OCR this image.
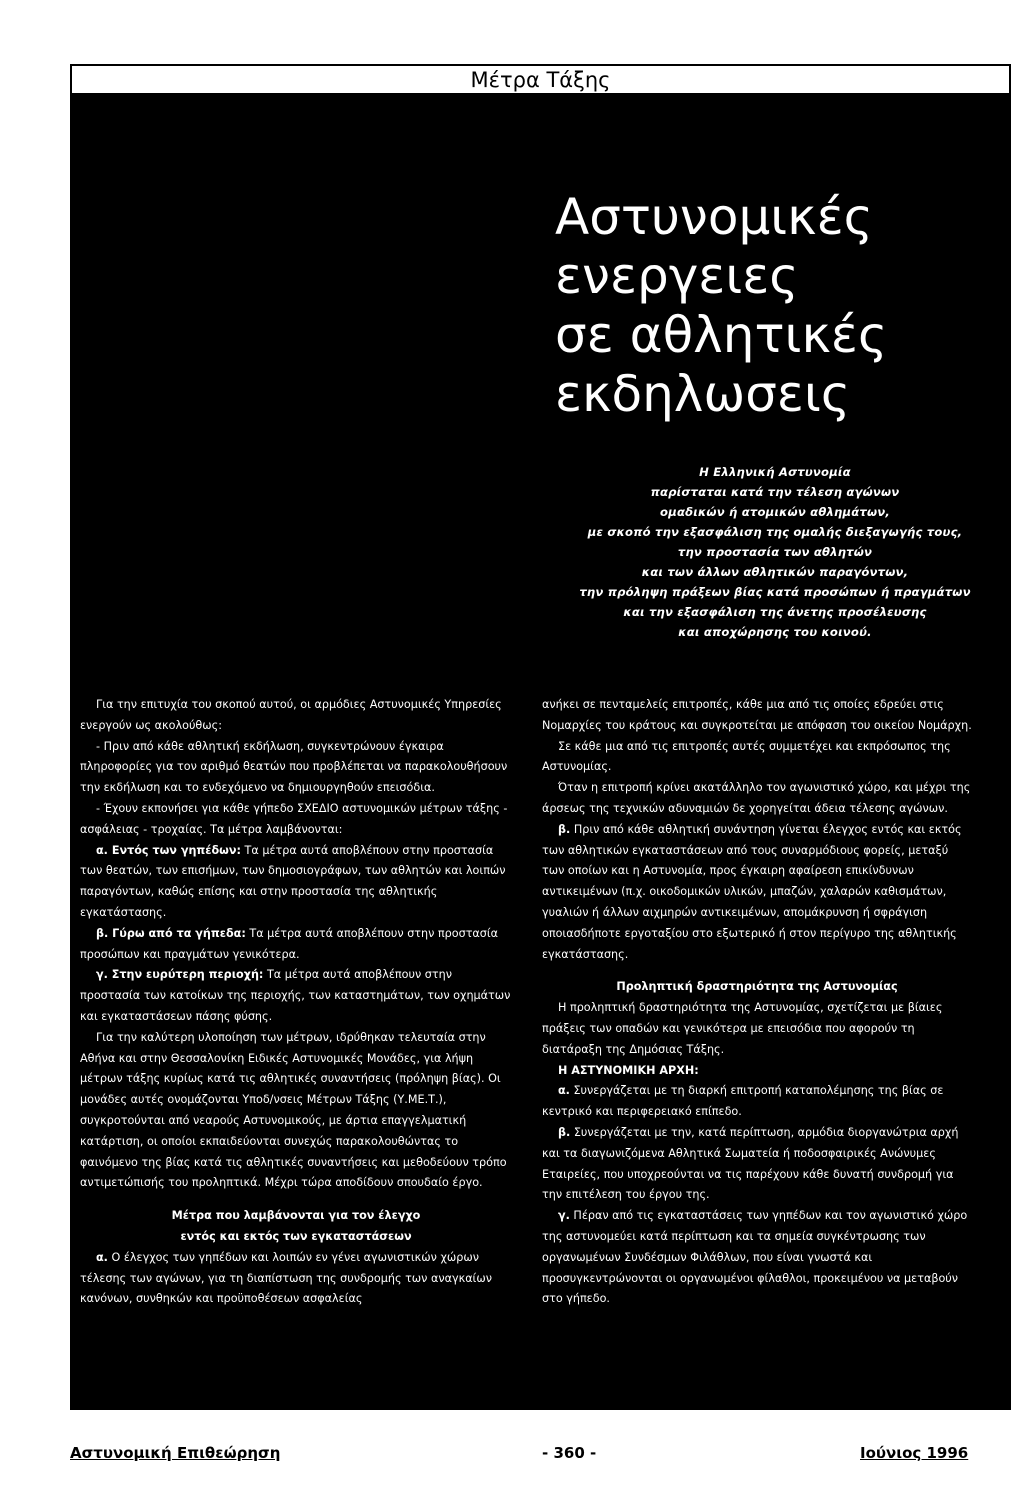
Μέτρα Τάξης
Αστυνομικές
ενεργειες
σε αθλητικές
εκδηλωσεις
Η Ελληνική Αστυνομία
παρίσταται κατά την τέλεση αγώνων
ομαδικών ή ατομικών αθλημάτων,
με σκοπό την εξασφάλιση της ομαλής διεξαγωγής τους,
την προστασία των αθλητών
και των άλλων αθλητικών παραγόντων,
την πρόληψη πράξεων βίας κατά προσώπων ή πραγμάτων
και την εξασφάλιση της άνετης προσέλευσης
και αποχώρησης του κοινού.

Για την επιτυχία του σκοπού αυτού, οι αρμόδιες Αστυνομικές Υπηρεσίες ενεργούν ως ακολούθως:

- Πριν από κάθε αθλητική εκδήλωση, συγκεντρώνουν έγκαιρα πληροφορίες για τον αριθμό θεατών που προβλέπεται να παρακολουθήσουν την εκδήλωση και το ενδεχόμενο να δημιουργηθούν επεισόδια.

- Έχουν εκπονήσει για κάθε γήπεδο ΣΧΕΔΙΟ αστυνομικών μέτρων τάξης - ασφάλειας - τροχαίας. Τα μέτρα λαμβάνονται:

α. Εντός των γηπέδων: Τα μέτρα αυτά αποβλέπουν στην προστασία των θεατών, των επισήμων, των δημοσιογράφων, των αθλητών και λοιπών παραγόντων, καθώς επίσης και στην προστασία της αθλητικής εγκατάστασης.

β. Γύρω από τα γήπεδα: Τα μέτρα αυτά αποβλέπουν στην προστασία προσώπων και πραγμάτων γενικότερα.

γ. Στην ευρύτερη περιοχή: Τα μέτρα αυτά αποβλέπουν στην προστασία των κατοίκων της περιοχής, των καταστημάτων, των οχημάτων και εγκαταστάσεων πάσης φύσης.

Για την καλύτερη υλοποίηση των μέτρων, ιδρύθηκαν τελευταία στην Αθήνα και στην Θεσσαλονίκη Ειδικές Αστυνομικές Μονάδες, για λήψη μέτρων τάξης κυρίως κατά τις αθλητικές συναντήσεις (πρόληψη βίας). Οι μονάδες αυτές ονομάζονται Υποδ/νσεις Μέτρων Τάξης (Υ.ΜΕ.Τ.), συγκροτούνται από νεαρούς Αστυνομικούς, με άρτια επαγγελματική κατάρτιση, οι οποίοι εκπαιδεύονται συνεχώς παρακολουθώντας το φαινόμενο της βίας κατά τις αθλητικές συναντήσεις και μεθοδεύουν τρόπο αντιμετώπισής του προληπτικά. Μέχρι τώρα αποδίδουν σπουδαίο έργο.

Μέτρα που λαμβάνονται για τον έλεγχο
εντός και εκτός των εγκαταστάσεων

α. Ο έλεγχος των γηπέδων και λοιπών εν γένει αγωνιστικών χώρων τέλεσης των αγώνων, για τη διαπίστωση της συνδρομής των αναγκαίων κανόνων, συνθηκών και προϋποθέσεων ασφαλείας

ανήκει σε πενταμελείς επιτροπές, κάθε μια από τις οποίες εδρεύει στις Νομαρχίες του κράτους και συγκροτείται με απόφαση του οικείου Νομάρχη.

Σε κάθε μια από τις επιτροπές αυτές συμμετέχει και εκπρόσωπος της Αστυνομίας.

Όταν η επιτροπή κρίνει ακατάλληλο τον αγωνιστικό χώρο, και μέχρι της άρσεως της τεχνικών αδυναμιών δε χορηγείται άδεια τέλεσης αγώνων.

β. Πριν από κάθε αθλητική συνάντηση γίνεται έλεγχος εντός και εκτός των αθλητικών εγκαταστάσεων από τους συναρμόδιους φορείς, μεταξύ των οποίων και η Αστυνομία, προς έγκαιρη αφαίρεση επικίνδυνων αντικειμένων (π.χ. οικοδομικών υλικών, μπαζών, χαλαρών καθισμάτων, γυαλιών ή άλλων αιχμηρών αντικειμένων, απομάκρυνση ή σφράγιση οποιασδήποτε εργοταξίου στο εξωτερικό ή στον περίγυρο της αθλητικής εγκατάστασης.

Προληπτική δραστηριότητα της Αστυνομίας

Η προληπτική δραστηριότητα της Αστυνομίας, σχετίζεται με βίαιες πράξεις των οπαδών και γενικότερα με επεισόδια που αφορούν τη διατάραξη της Δημόσιας Τάξης.

Η ΑΣΤΥΝΟΜΙΚΗ ΑΡΧΗ:

α. Συνεργάζεται με τη διαρκή επιτροπή καταπολέμησης της βίας σε κεντρικό και περιφερειακό επίπεδο.

β. Συνεργάζεται με την, κατά περίπτωση, αρμόδια διοργανώτρια αρχή και τα διαγωνιζόμενα Αθλητικά Σωματεία ή ποδοσφαιρικές Ανώνυμες Εταιρείες, που υποχρεούνται να τις παρέχουν κάθε δυνατή συνδρομή για την επιτέλεση του έργου της.

γ. Πέραν από τις εγκαταστάσεις των γηπέδων και τον αγωνιστικό χώρο της αστυνομεύει κατά περίπτωση και τα σημεία συγκέντρωσης των οργανωμένων Συνδέσμων Φιλάθλων, που είναι γνωστά και προσυγκεντρώνονται οι οργανωμένοι φίλαθλοι, προκειμένου να μεταβούν στο γήπεδο.

Αστυνομική Επιθεώρηση	- 360 -	Ιούνιος 1996
